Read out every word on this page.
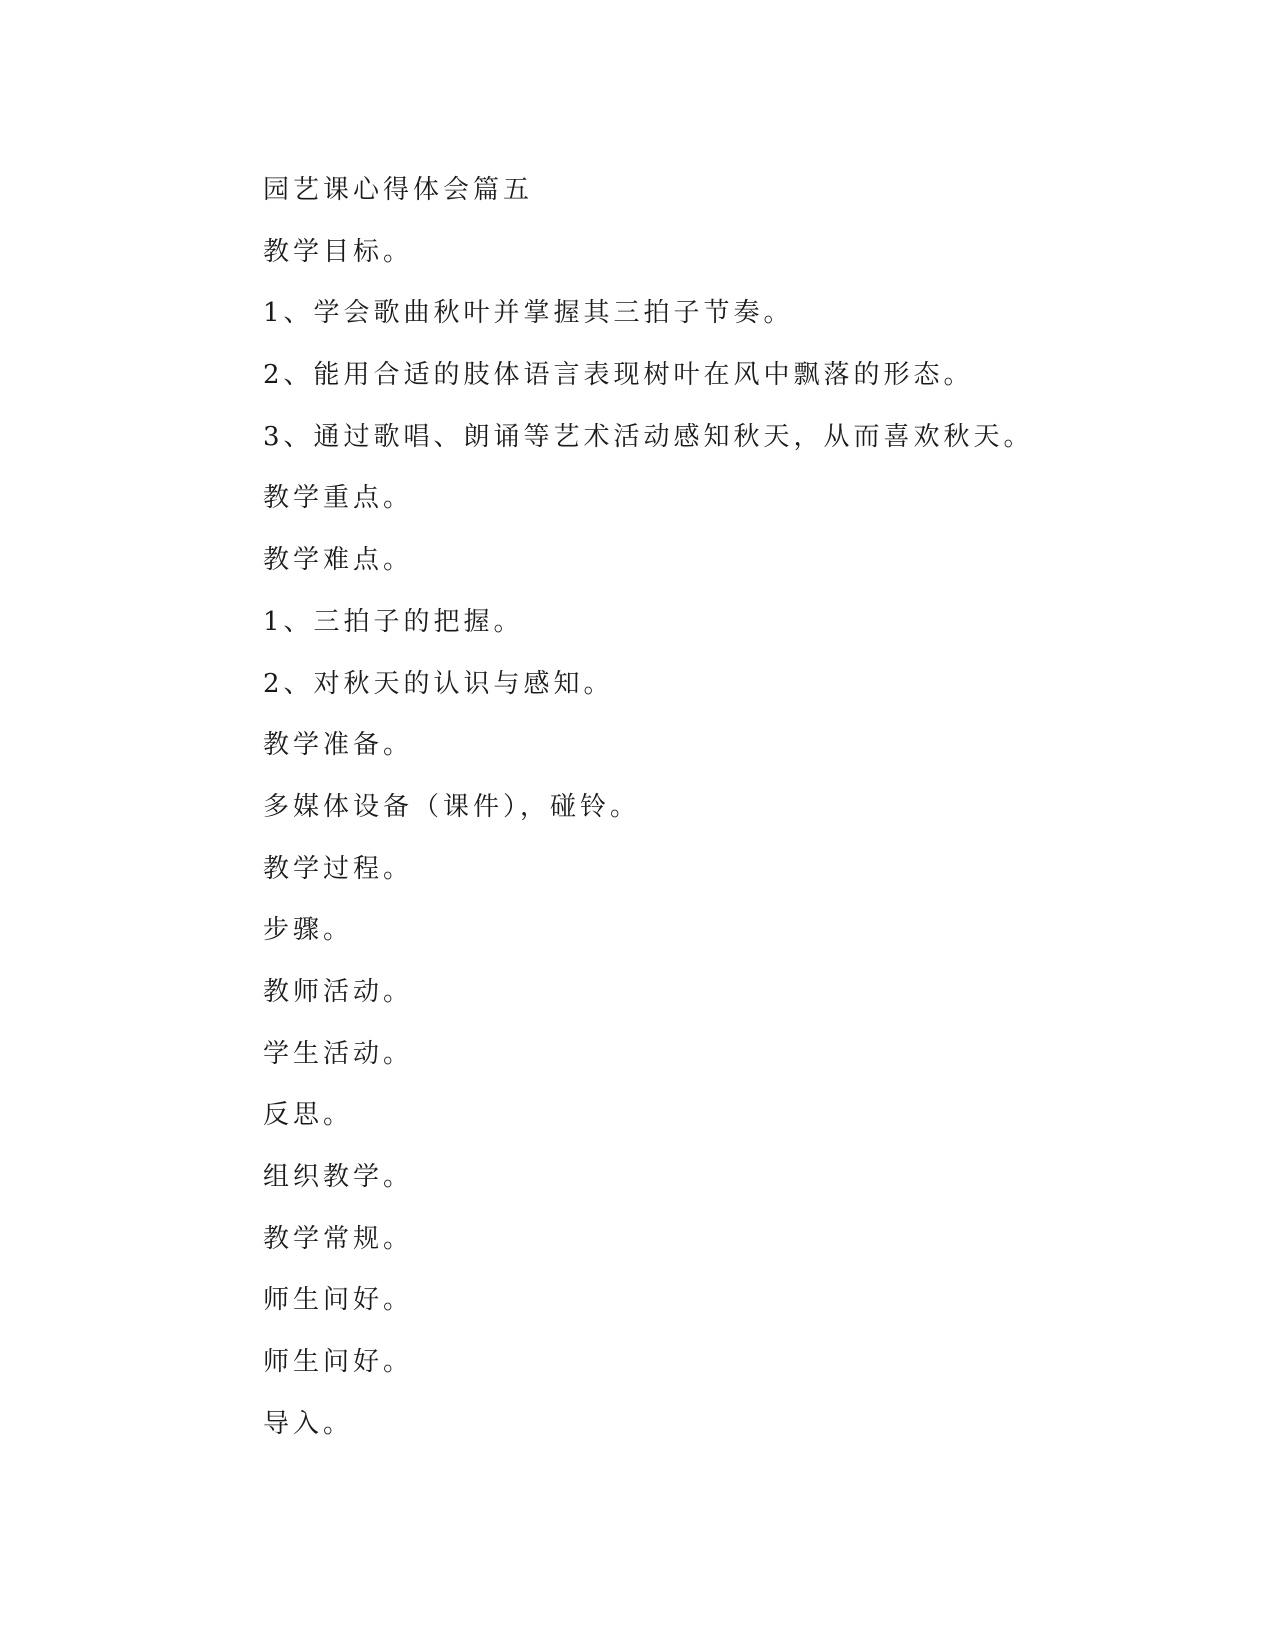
园艺课心得体会篇五
教学目标。
1、学会歌曲秋叶并掌握其三拍子节奏。
2、能用合适的肢体语言表现树叶在风中飘落的形态。
3、通过歌唱、朗诵等艺术活动感知秋天，从而喜欢秋天。
教学重点。
教学难点。
1、三拍子的把握。
2、对秋天的认识与感知。
教学准备。
多媒体设备（课件），碰铃。
教学过程。
步骤。
教师活动。
学生活动。
反思。
组织教学。
教学常规。
师生问好。
师生问好。
导入。
